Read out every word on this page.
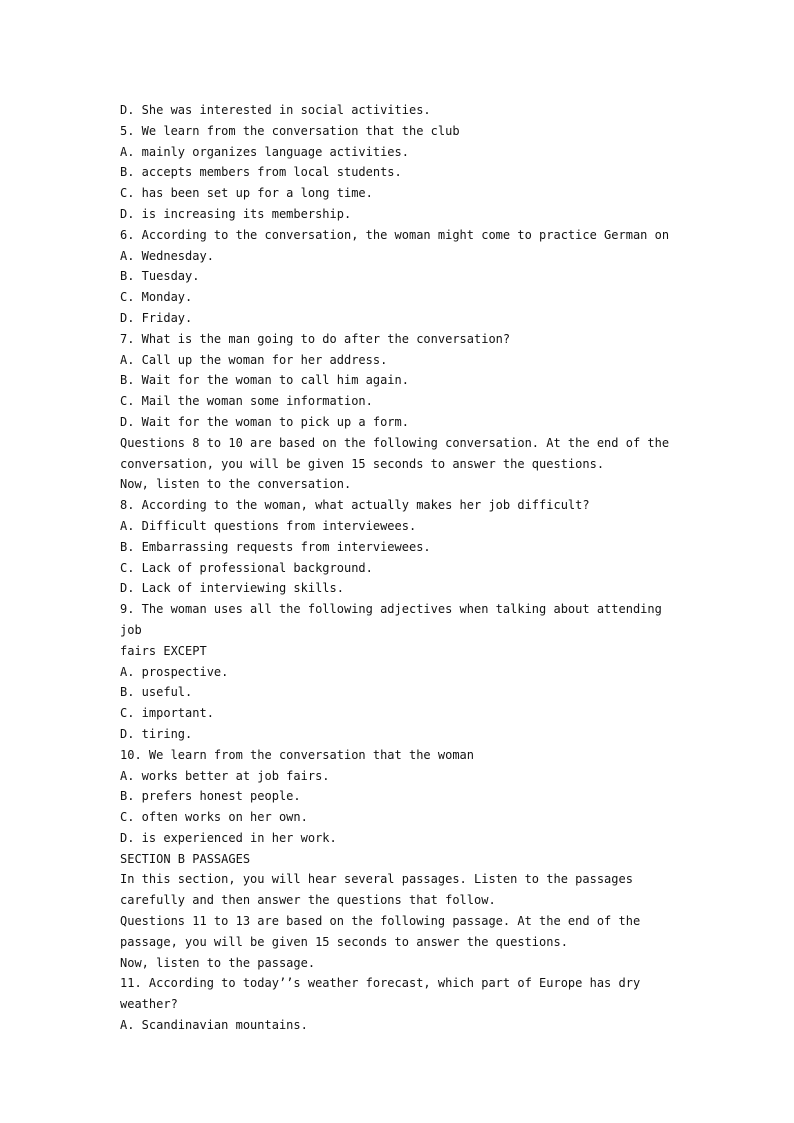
D. She was interested in social activities.
5. We learn from the conversation that the club
A. mainly organizes language activities.
B. accepts members from local students.
C. has been set up for a long time.
D. is increasing its membership.
6. According to the conversation, the woman might come to practice German on
A. Wednesday.
B. Tuesday.
C. Monday.
D. Friday.
7. What is the man going to do after the conversation?
A. Call up the woman for her address.
B. Wait for the woman to call him again.
C. Mail the woman some information.
D. Wait for the woman to pick up a form.
Questions 8 to 10 are based on the following conversation. At the end of the
conversation, you will be given 15 seconds to answer the questions.
Now, listen to the conversation.
8. According to the woman, what actually makes her job difficult?
A. Difficult questions from interviewees.
B. Embarrassing requests from interviewees.
C. Lack of professional background.
D. Lack of interviewing skills.
9. The woman uses all the following adjectives when talking about attending job
fairs EXCEPT
A. prospective.
B. useful.
C. important.
D. tiring.
10. We learn from the conversation that the woman
A. works better at job fairs.
B. prefers honest people.
C. often works on her own.
D. is experienced in her work.
SECTION B PASSAGES
In this section, you will hear several passages. Listen to the passages
carefully and then answer the questions that follow.
Questions 11 to 13 are based on the following passage. At the end of the
passage, you will be given 15 seconds to answer the questions.
Now, listen to the passage.
11. According to today’’s weather forecast, which part of Europe has dry
weather?
A. Scandinavian mountains.
